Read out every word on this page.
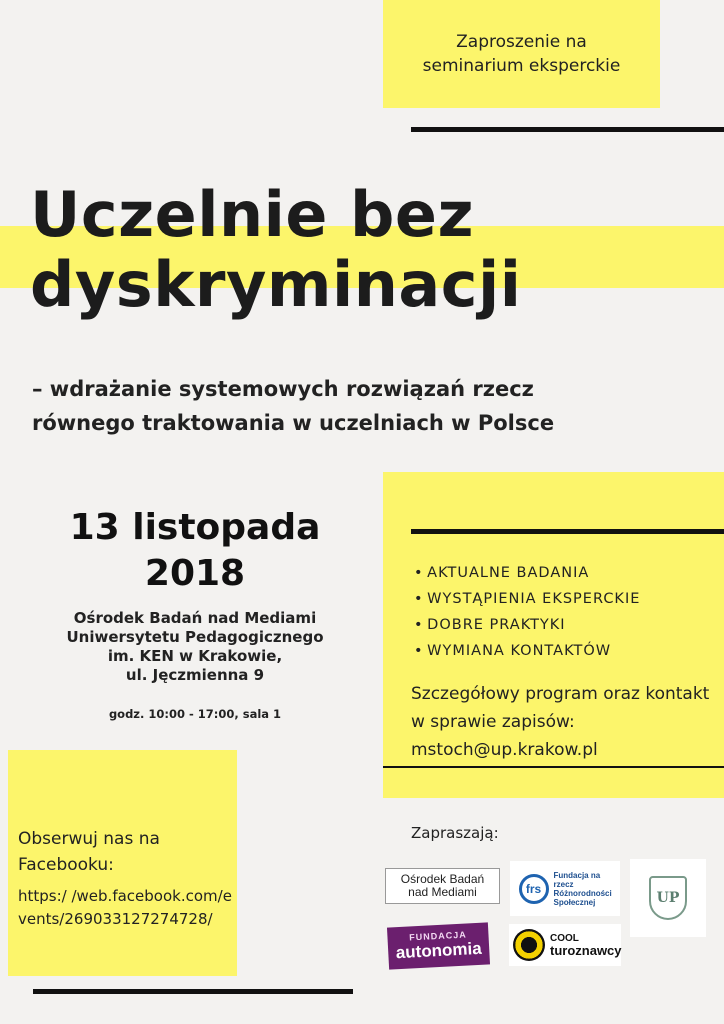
Zaproszenie na seminarium eksperckie
Uczelnie bez
dyskryminacji
– wdrażanie systemowych rozwiązań rzecz
równego traktowania w uczelniach w Polsce
13 listopada
2018
Ośrodek Badań nad Mediami
Uniwersytetu Pedagogicznego
im. KEN w Krakowie,
ul. Jęczmienna 9
godz. 10:00 - 17:00, sala 1
• AKTUALNE BADANIA
• WYSTĄPIENIA EKSPERCKIE
• DOBRE PRAKTYKI
• WYMIANA KONTAKTÓW
Szczegółowy program oraz kontakt w sprawie zapisów:
mstoch@up.krakow.pl
Obserwuj nas na Facebooku:
https:/ /web.facebook.com/events/269033127274728/
Zapraszają:
Ośrodek Badań nad Mediami	frs
Fundacja na rzecz Różnorodności Społecznej	UP
FUNDACJA
autonomia
COOL
turoznawcy
